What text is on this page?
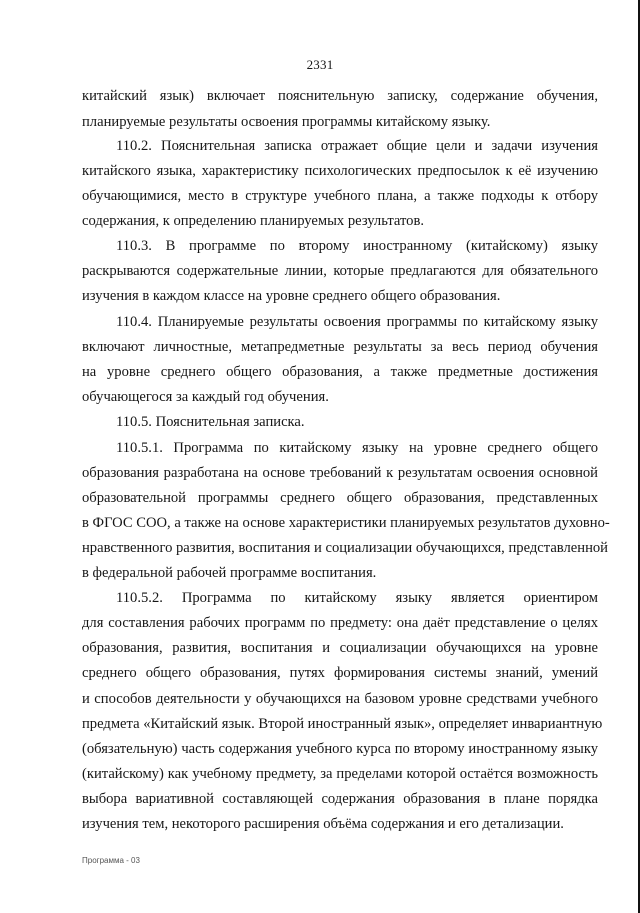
2331
китайский язык) включает пояснительную записку, содержание обучения,
планируемые результаты освоения программы китайскому языку.
110.2. Пояснительная записка отражает общие цели и задачи изучения
китайского языка, характеристику психологических предпосылок к её изучению
обучающимися, место в структуре учебного плана, а также подходы к отбору
содержания, к определению планируемых результатов.
110.3. В программе по второму иностранному (китайскому) языку
раскрываются содержательные линии, которые предлагаются для обязательного
изучения в каждом классе на уровне среднего общего образования.
110.4. Планируемые результаты освоения программы по китайскому языку
включают личностные, метапредметные результаты за весь период обучения
на уровне среднего общего образования, а также предметные достижения
обучающегося за каждый год обучения.
110.5. Пояснительная записка.
110.5.1. Программа по китайскому языку на уровне среднего общего
образования разработана на основе требований к результатам освоения основной
образовательной программы среднего общего образования, представленных
в ФГОС СОО, а также на основе характеристики планируемых результатов духовно-
нравственного развития, воспитания и социализации обучающихся, представленной
в федеральной рабочей программе воспитания.
110.5.2. Программа по китайскому языку является ориентиром
для составления рабочих программ по предмету: она даёт представление о целях
образования, развития, воспитания и социализации обучающихся на уровне
среднего общего образования, путях формирования системы знаний, умений
и способов деятельности у обучающихся на базовом уровне средствами учебного
предмета «Китайский язык. Второй иностранный язык», определяет инвариантную
(обязательную) часть содержания учебного курса по второму иностранному языку
(китайскому) как учебному предмету, за пределами которой остаётся возможность
выбора вариативной составляющей содержания образования в плане порядка
изучения тем, некоторого расширения объёма содержания и его детализации.
Программа - 03
